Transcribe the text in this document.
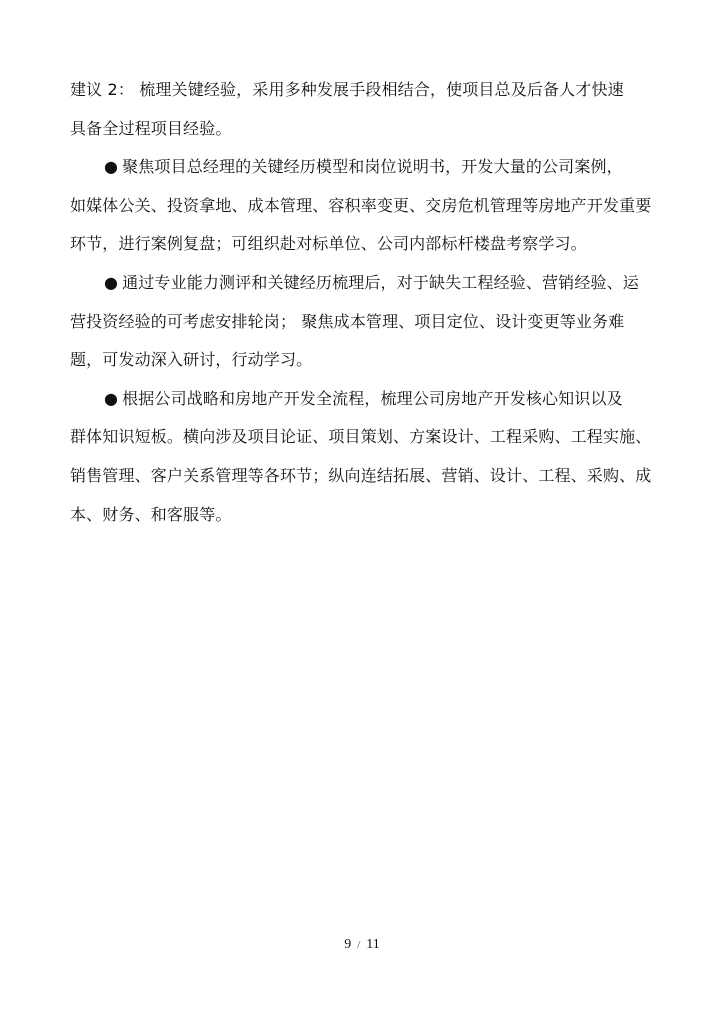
建议 2： 梳理关键经验，采用多种发展手段相结合，使项目总及后备人才快速
具备全过程项目经验。
● 聚焦项目总经理的关键经历模型和岗位说明书，开发大量的公司案例，
如媒体公关、投资拿地、成本管理、容积率变更、交房危机管理等房地产开发重要
环节，进行案例复盘；可组织赴对标单位、公司内部标杆楼盘考察学习。
● 通过专业能力测评和关键经历梳理后，对于缺失工程经验、营销经验、运
营投资经验的可考虑安排轮岗； 聚焦成本管理、项目定位、设计变更等业务难
题，可发动深入研讨，行动学习。
● 根据公司战略和房地产开发全流程，梳理公司房地产开发核心知识以及
群体知识短板。横向涉及项目论证、项目策划、方案设计、工程采购、工程实施、
销售管理、客户关系管理等各环节；纵向连结拓展、营销、设计、工程、采购、成
本、财务、和客服等。
9 / 11
